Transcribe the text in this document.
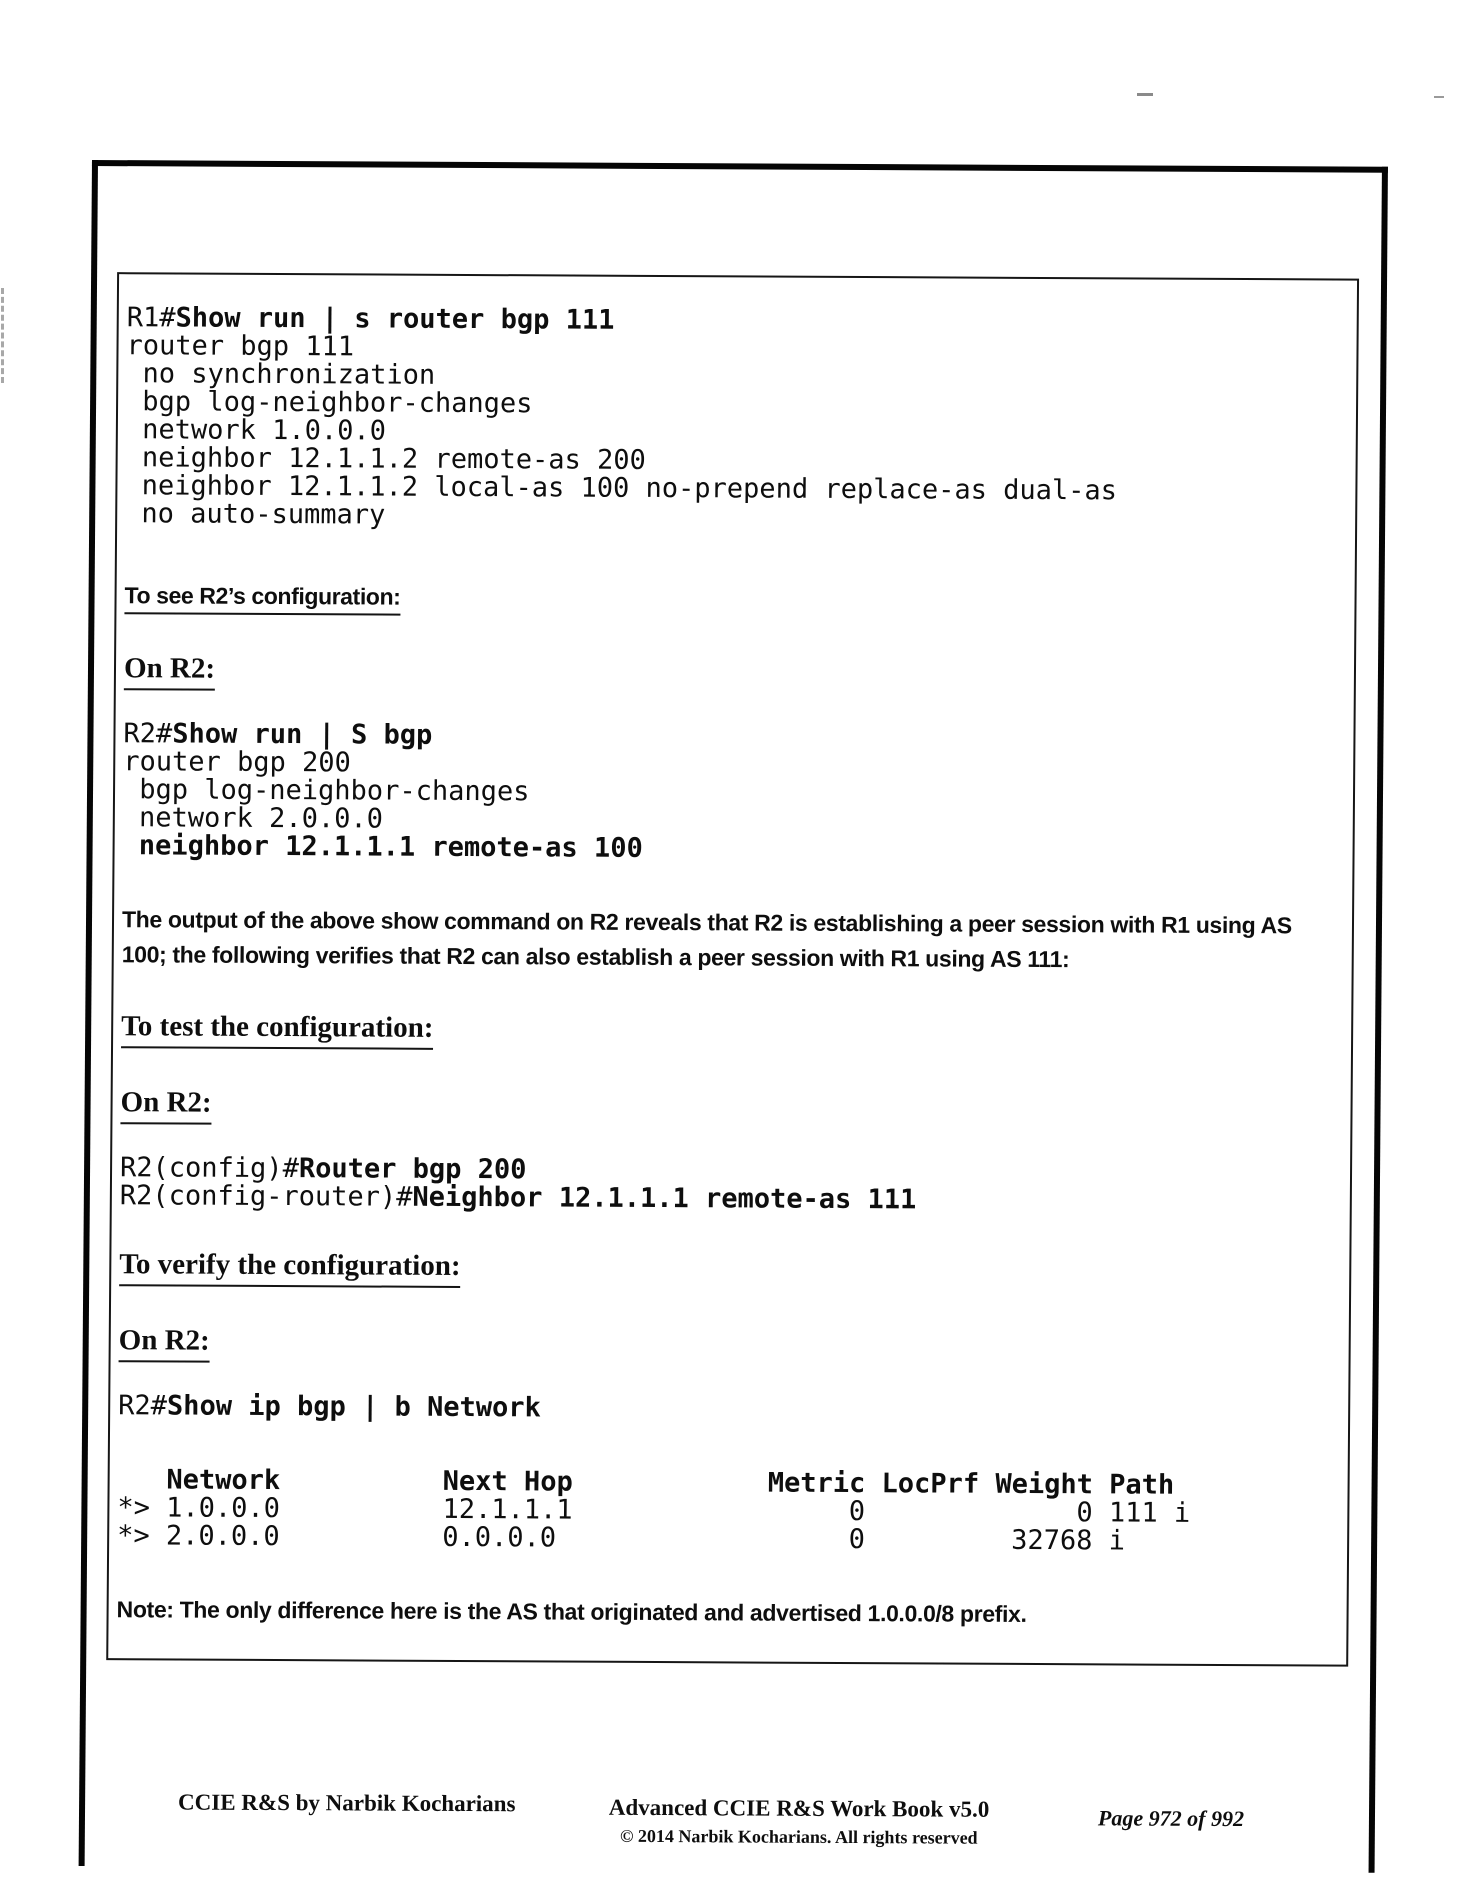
R1#Show run | s router bgp 111
router bgp 111
no synchronization
bgp log-neighbor-changes
network 1.0.0.0
neighbor 12.1.1.2 remote-as 200
neighbor 12.1.1.2 local-as 100 no-prepend replace-as dual-as
no auto-summary
To see R2’s configuration:
On R2:
R2#Show run | S bgp
router bgp 200
bgp log-neighbor-changes
network 2.0.0.0
neighbor 12.1.1.1 remote-as 100
The output of the above show command on R2 reveals that R2 is establishing a peer session with R1 using AS 100; the following verifies that R2 can also establish a peer session with R1 using AS 111:
To test the configuration:
On R2:
R2(config)#Router bgp 200
R2(config-router)#Neighbor 12.1.1.1 remote-as 111
To verify the configuration:
On R2:
R2#Show ip bgp | b Network
Network          Next Hop            Metric LocPrf Weight Path
*> 1.0.0.0          12.1.1.1                 0             0 111 i
*> 2.0.0.0          0.0.0.0                  0         32768 i
Note: The only difference here is the AS that originated and advertised 1.0.0.0/8 prefix.
CCIE R&S by Narbik Kocharians	Advanced CCIE R&S Work Book v5.0
© 2014 Narbik Kocharians. All rights reserved
Page 972 of 992
